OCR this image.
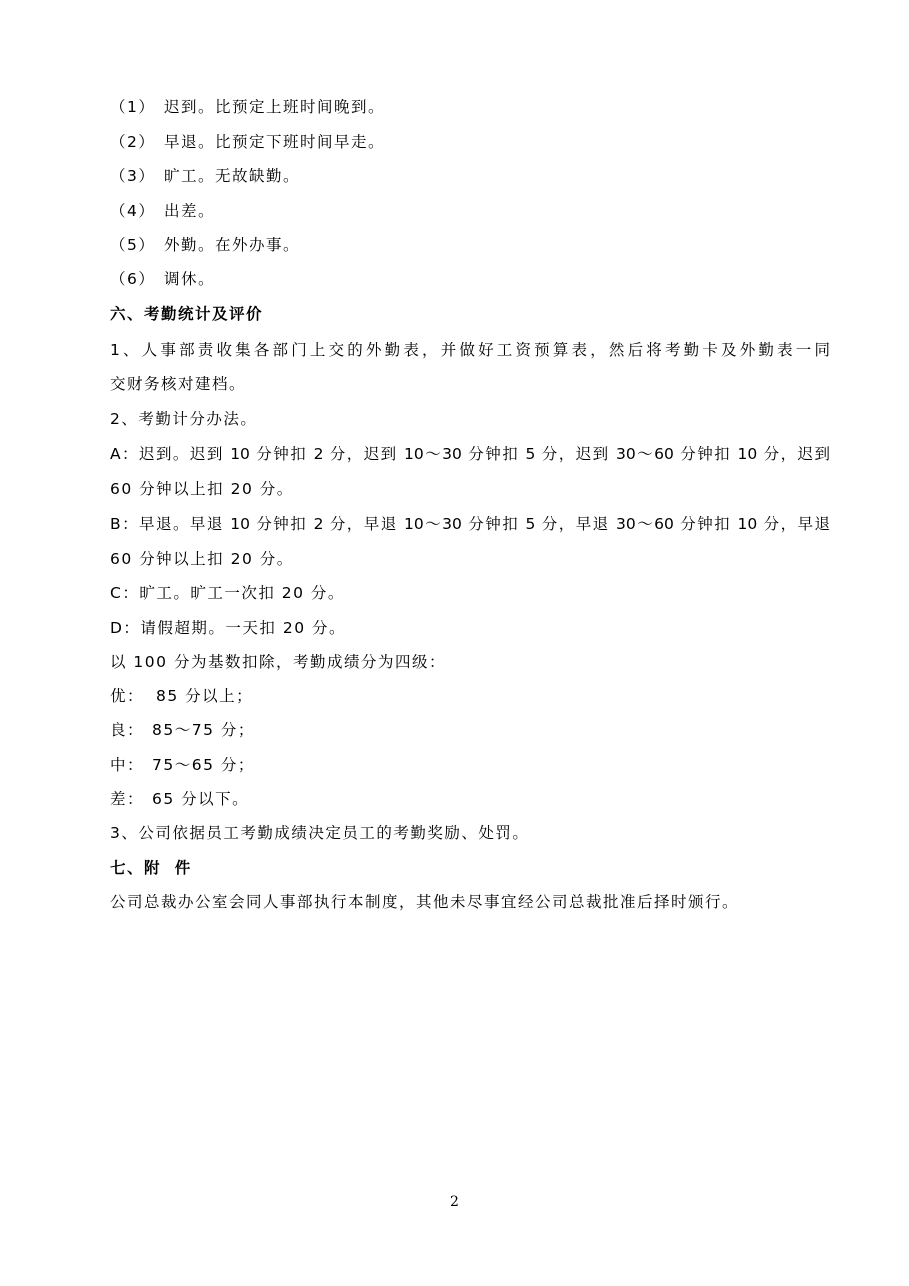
（1） 迟到。比预定上班时间晚到。
（2） 早退。比预定下班时间早走。
（3） 旷工。无故缺勤。
（4） 出差。
（5） 外勤。在外办事。
（6） 调休。
六、考勤统计及评价
1、人事部责收集各部门上交的外勤表，并做好工资预算表，然后将考勤卡及外勤表一同
交财务核对建档。
2、考勤计分办法。
A：迟到。迟到 10 分钟扣 2 分，迟到 10～30 分钟扣 5 分，迟到 30～60 分钟扣 10 分，迟到
60 分钟以上扣 20 分。
B：早退。早退 10 分钟扣 2 分，早退 10～30 分钟扣 5 分，早退 30～60 分钟扣 10 分，早退
60 分钟以上扣 20 分。
C：旷工。旷工一次扣 20 分。
D：请假超期。一天扣 20 分。
以 100 分为基数扣除，考勤成绩分为四级：
优： 85 分以上；
良： 85～75 分；
中： 75～65 分；
差： 65 分以下。
3、公司依据员工考勤成绩决定员工的考勤奖励、处罚。
七、附  件
公司总裁办公室会同人事部执行本制度，其他未尽事宜经公司总裁批准后择时颁行。
2
